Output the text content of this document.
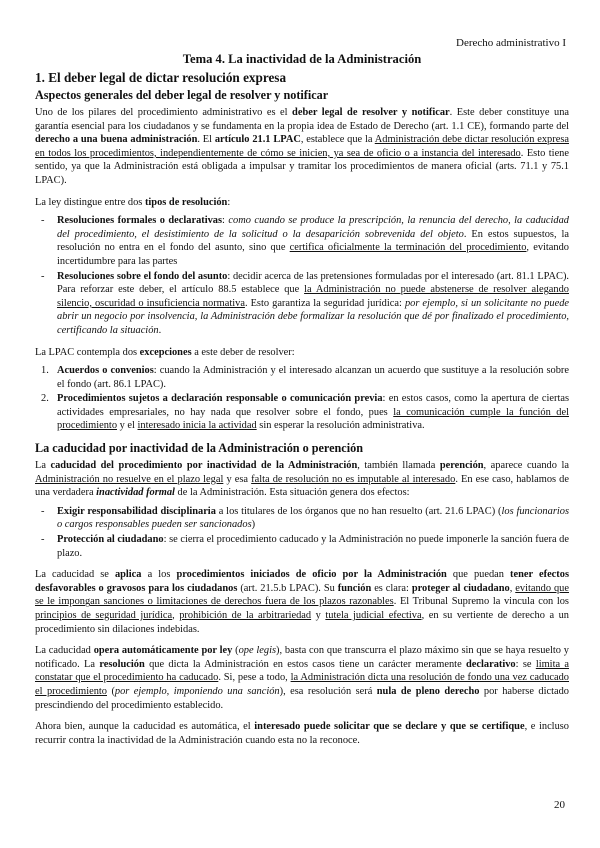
Derecho administrativo I
Tema 4. La inactividad de la Administración
1. El deber legal de dictar resolución expresa
Aspectos generales del deber legal de resolver y notificar

Uno de los pilares del procedimiento administrativo es el deber legal de resolver y notificar. Este deber constituye una garantía esencial para los ciudadanos y se fundamenta en la propia idea de Estado de Derecho (art. 1.1 CE), formando parte del derecho a una buena administración. El artículo 21.1 LPAC, establece que la Administración debe dictar resolución expresa en todos los procedimientos, independientemente de cómo se inicien, ya sea de oficio o a instancia del interesado. Esto tiene sentido, ya que la Administración está obligada a impulsar y tramitar los procedimientos de manera oficial (arts. 71.1 y 75.1 LPAC).

La ley distingue entre dos tipos de resolución:

- Resoluciones formales o declarativas: como cuando se produce la prescripción, la renuncia del derecho, la caducidad del procedimiento, el desistimiento de la solicitud o la desaparición sobrevenida del objeto. En estos supuestos, la resolución no entra en el fondo del asunto, sino que certifica oficialmente la terminación del procedimiento, evitando incertidumbre para las partes
- Resoluciones sobre el fondo del asunto: decidir acerca de las pretensiones formuladas por el interesado (art. 81.1 LPAC). Para reforzar este deber, el artículo 88.5 establece que la Administración no puede abstenerse de resolver alegando silencio, oscuridad o insuficiencia normativa. Esto garantiza la seguridad jurídica: por ejemplo, si un solicitante no puede abrir un negocio por insolvencia, la Administración debe formalizar la resolución que dé por finalizado el procedimiento, certificando la situación.

La LPAC contempla dos excepciones a este deber de resolver:

1. Acuerdos o convenios: cuando la Administración y el interesado alcanzan un acuerdo que sustituye a la resolución sobre el fondo (art. 86.1 LPAC).
2. Procedimientos sujetos a declaración responsable o comunicación previa: en estos casos, como la apertura de ciertas actividades empresariales, no hay nada que resolver sobre el fondo, pues la comunicación cumple la función del procedimiento y el interesado inicia la actividad sin esperar la resolución administrativa.
La caducidad por inactividad de la Administración o perención

La caducidad del procedimiento por inactividad de la Administración, también llamada perención, aparece cuando la Administración no resuelve en el plazo legal y esa falta de resolución no es imputable al interesado. En ese caso, hablamos de una verdadera inactividad formal de la Administración. Esta situación genera dos efectos:

- Exigir responsabilidad disciplinaria a los titulares de los órganos que no han resuelto (art. 21.6 LPAC) (los funcionarios o cargos responsables pueden ser sancionados)
- Protección al ciudadano: se cierra el procedimiento caducado y la Administración no puede imponerle la sanción fuera de plazo.

La caducidad se aplica a los procedimientos iniciados de oficio por la Administración que puedan tener efectos desfavorables o gravosos para los ciudadanos (art. 21.5.b LPAC). Su función es clara: proteger al ciudadano, evitando que se le impongan sanciones o limitaciones de derechos fuera de los plazos razonables. El Tribunal Supremo la vincula con los principios de seguridad jurídica, prohibición de la arbitrariedad y tutela judicial efectiva, en su vertiente de derecho a un procedimiento sin dilaciones indebidas.

La caducidad opera automáticamente por ley (ope legis), basta con que transcurra el plazo máximo sin que se haya resuelto y notificado. La resolución que dicta la Administración en estos casos tiene un carácter meramente declarativo: se limita a constatar que el procedimiento ha caducado. Si, pese a todo, la Administración dicta una resolución de fondo una vez caducado el procedimiento (por ejemplo, imponiendo una sanción), esa resolución será nula de pleno derecho por haberse dictado prescindiendo del procedimiento establecido.

Ahora bien, aunque la caducidad es automática, el interesado puede solicitar que se declare y que se certifique, e incluso recurrir contra la inactividad de la Administración cuando esta no la reconoce.

20
